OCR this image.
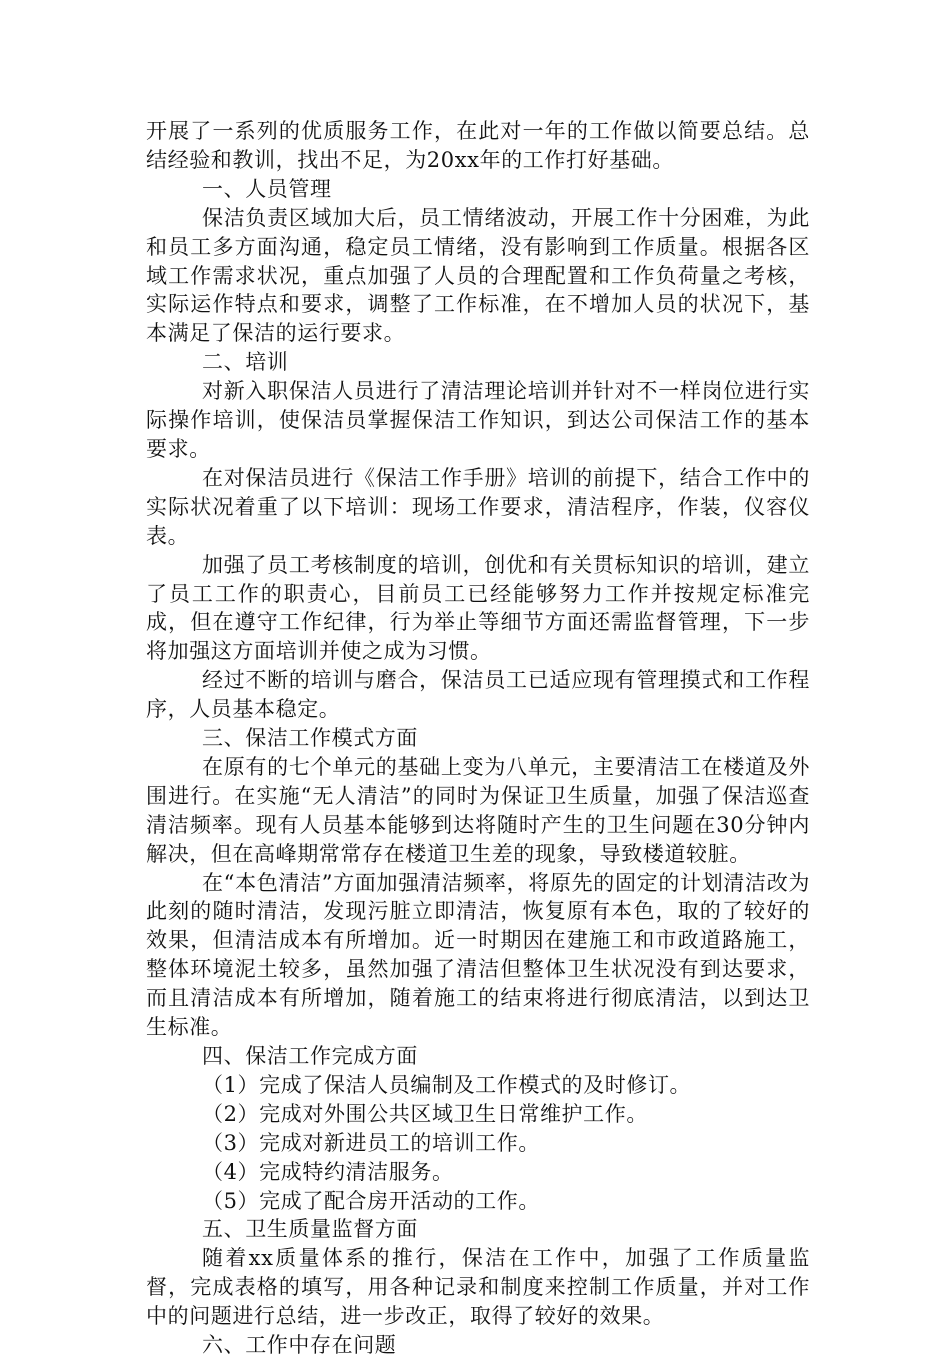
开展了一系列的优质服务工作，在此对一年的工作做以简要总结。总结经验和教训，找出不足，为20xx年的工作打好基础。

一、人员管理

保洁负责区域加大后，员工情绪波动，开展工作十分困难，为此和员工多方面沟通，稳定员工情绪，没有影响到工作质量。根据各区域工作需求状况，重点加强了人员的合理配置和工作负荷量之考核，实际运作特点和要求，调整了工作标准，在不增加人员的状况下，基本满足了保洁的运行要求。

二、培训

对新入职保洁人员进行了清洁理论培训并针对不一样岗位进行实际操作培训，使保洁员掌握保洁工作知识，到达公司保洁工作的基本要求。

在对保洁员进行《保洁工作手册》培训的前提下，结合工作中的实际状况着重了以下培训：现场工作要求，清洁程序，作装，仪容仪表。

加强了员工考核制度的培训，创优和有关贯标知识的培训，建立了员工工作的职责心，目前员工已经能够努力工作并按规定标准完成，但在遵守工作纪律，行为举止等细节方面还需监督管理，下一步将加强这方面培训并使之成为习惯。

经过不断的培训与磨合，保洁员工已适应现有管理摸式和工作程序，人员基本稳定。

三、保洁工作模式方面

在原有的七个单元的基础上变为八单元，主要清洁工在楼道及外围进行。在实施“无人清洁”的同时为保证卫生质量，加强了保洁巡查清洁频率。现有人员基本能够到达将随时产生的卫生问题在30分钟内解决，但在高峰期常常存在楼道卫生差的现象，导致楼道较脏。

在“本色清洁”方面加强清洁频率，将原先的固定的计划清洁改为此刻的随时清洁，发现污脏立即清洁，恢复原有本色，取的了较好的效果，但清洁成本有所增加。近一时期因在建施工和市政道路施工，整体环境泥土较多，虽然加强了清洁但整体卫生状况没有到达要求，而且清洁成本有所增加，随着施工的结束将进行彻底清洁，以到达卫生标准。

四、保洁工作完成方面

（1）完成了保洁人员编制及工作模式的及时修订。

（2）完成对外围公共区域卫生日常维护工作。

（3）完成对新进员工的培训工作。

（4）完成特约清洁服务。

（5）完成了配合房开活动的工作。

五、卫生质量监督方面

随着xx质量体系的推行，保洁在工作中，加强了工作质量监督，完成表格的填写，用各种记录和制度来控制工作质量，并对工作中的问题进行总结，进一步改正，取得了较好的效果。

六、工作中存在问题
